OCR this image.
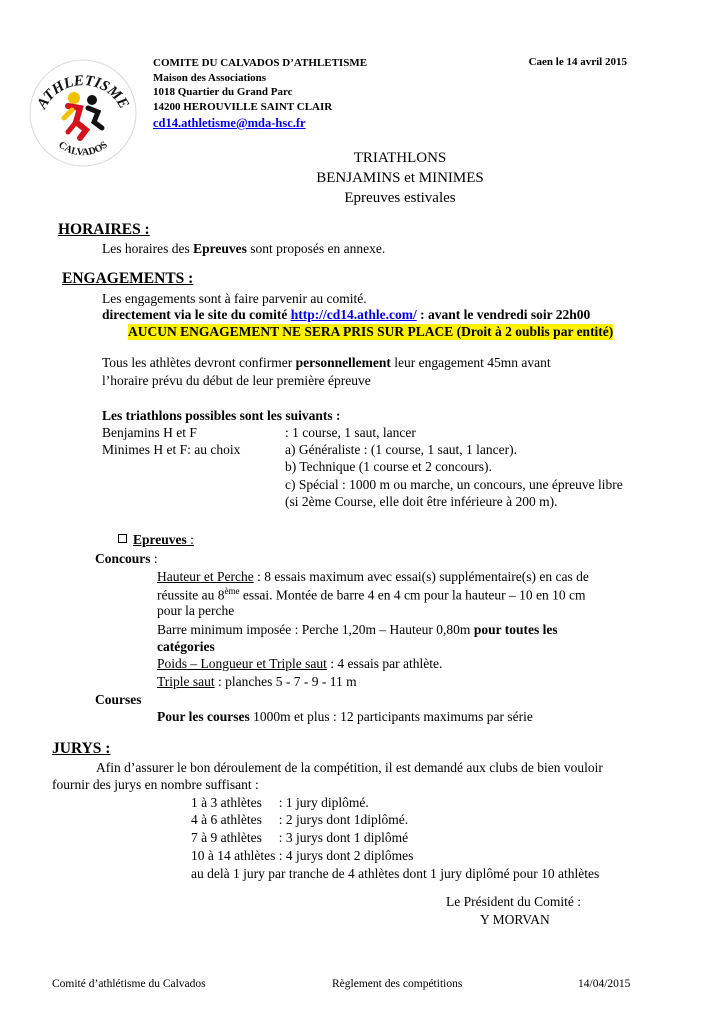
ATHLETISME
CALVADOS
COMITE DU CALVADOS D’ATHLETISME
Maison des Associations
1018 Quartier du Grand Parc
14200 HEROUVILLE SAINT CLAIR
cd14.athletisme@mda-hsc.fr
Caen le 14 avril 2015
TRIATHLONS
BENJAMINS et MINIMES
Epreuves estivales
HORAIRES :
Les horaires des Epreuves sont proposés en annexe.
ENGAGEMENTS :
Les engagements sont à faire parvenir au comité.
directement via le site du comité http://cd14.athle.com/ : avant le vendredi soir 22h00
AUCUN ENGAGEMENT NE SERA PRIS SUR PLACE (Droit à 2 oublis par entité)
Tous les athlètes devront confirmer personnellement leur engagement 45mn avant
l’horaire prévu du début de leur première épreuve
Les triathlons possibles sont les suivants :
Benjamins H et F	: 1 course, 1 saut, lancer
Minimes H et F: au choix	a) Généraliste : (1 course, 1 saut, 1 lancer).
b) Technique (1 course et 2 concours).
c) Spécial : 1000 m ou marche, un concours, une épreuve libre
(si 2ème Course, elle doit être inférieure à 200 m).
Epreuves :
Concours :
Hauteur et Perche : 8 essais maximum avec essai(s) supplémentaire(s) en cas de
réussite au 8ème essai. Montée de barre 4 en 4 cm pour la hauteur – 10 en 10 cm
pour la perche
Barre minimum imposée : Perche 1,20m – Hauteur 0,80m pour toutes les
catégories
Poids – Longueur et Triple saut : 4 essais par athlète.
Triple saut : planches 5 - 7 - 9 - 11 m
Courses
Pour les courses 1000m et plus : 12 participants maximums par série
JURYS :
Afin d’assurer le bon déroulement de la compétition, il est demandé aux clubs de bien vouloir
fournir des jurys en nombre suffisant :
1 à 3 athlètes     : 1 jury diplômé.
4 à 6 athlètes     : 2 jurys dont 1diplômé.
7 à 9 athlètes     : 3 jurys dont 1 diplômé
10 à 14 athlètes : 4 jurys dont 2 diplômes
au delà 1 jury par tranche de 4 athlètes dont 1 jury diplômé pour 10 athlètes
Le Président du Comité :
Y MORVAN
Comité d’athlétisme du Calvados	Règlement des compétitions	14/04/2015
